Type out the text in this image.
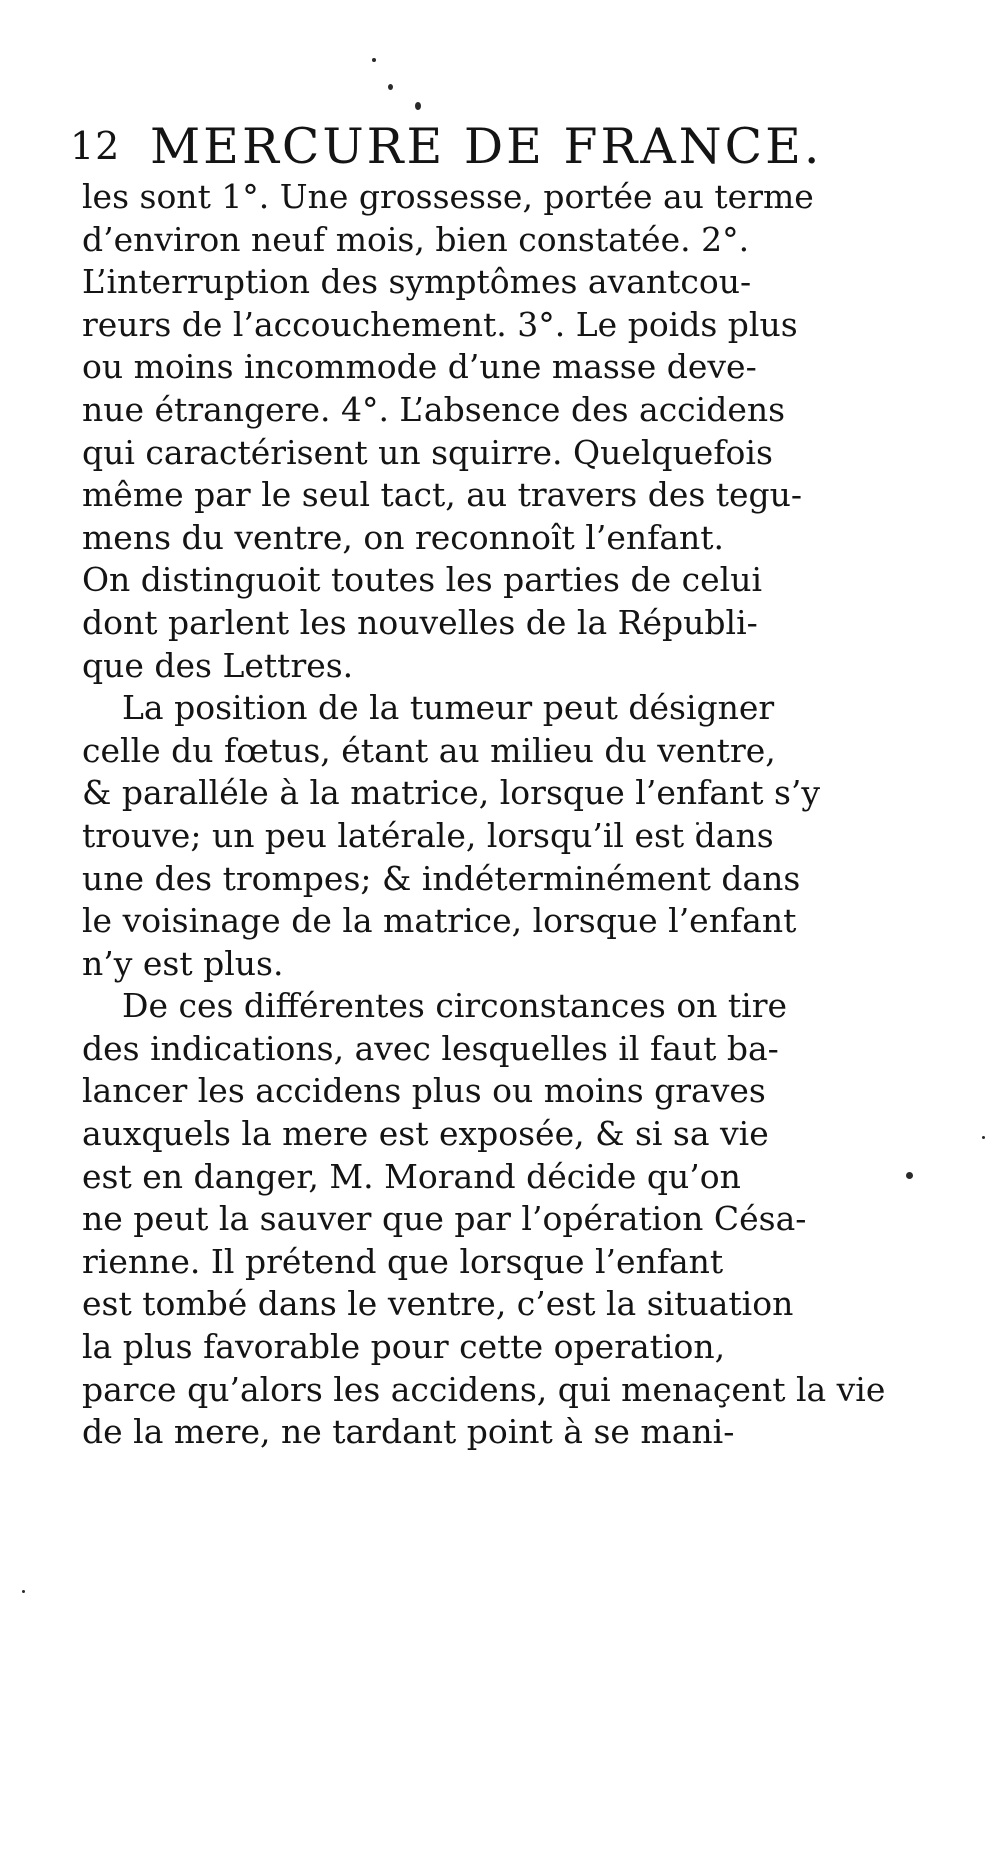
12 MERCURE DE FRANCE.
les sont 1°. Une grossesse, portée au terme
d’environ neuf mois, bien constatée. 2°.
L’interruption des symptômes avantcou-
reurs de l’accouchement. 3°. Le poids plus
ou moins incommode d’une masse deve-
nue étrangere. 4°. L’absence des accidens
qui caractérisent un squirre. Quelquefois
même par le seul tact, au travers des tegu-
mens du ventre, on reconnoît l’enfant.
On distinguoit toutes les parties de celui
dont parlent les nouvelles de la Républi-
que des Lettres.
La position de la tumeur peut désigner
celle du fœtus, étant au milieu du ventre,
& paralléle à la matrice, lorsque l’enfant s’y
trouve; un peu latérale, lorsqu’il est dans
une des trompes; & indéterminément dans
le voisinage de la matrice, lorsque l’enfant
n’y est plus.
De ces différentes circonstances on tire
des indications, avec lesquelles il faut ba-
lancer les accidens plus ou moins graves
auxquels la mere est exposée, & si sa vie
est en danger, M. Morand décide qu’on
ne peut la sauver que par l’opération Césa-
rienne. Il prétend que lorsque l’enfant
est tombé dans le ventre, c’est la situation
la plus favorable pour cette operation,
parce qu’alors les accidens, qui menaçent la vie
de la mere, ne tardant point à se mani-
